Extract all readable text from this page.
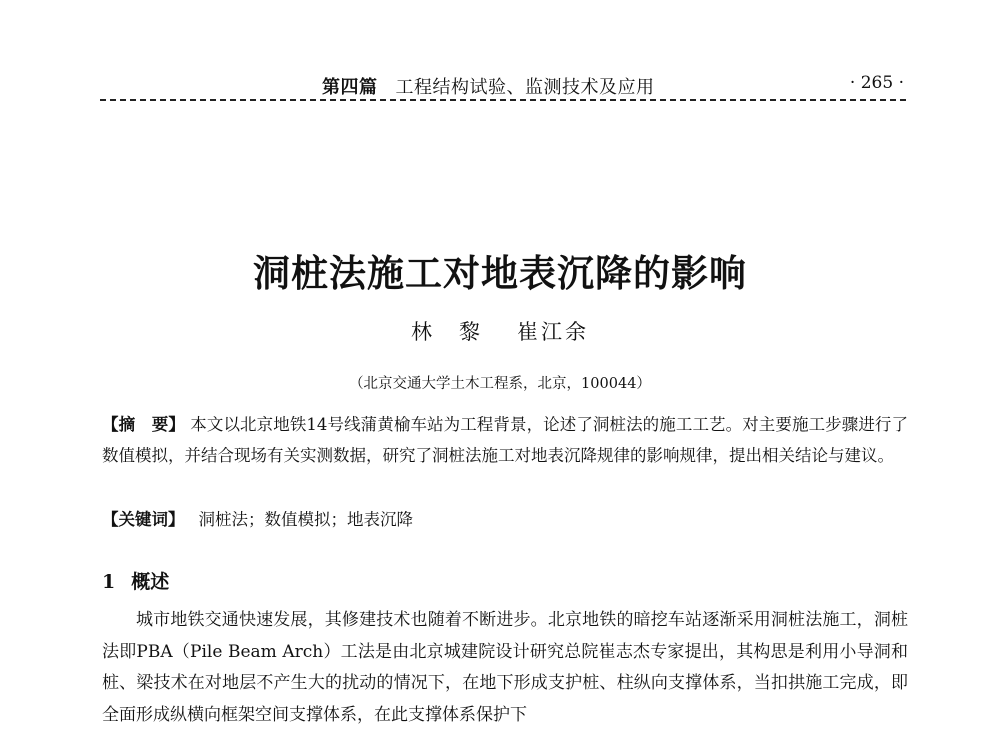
第四篇 工程结构试验、监测技术及应用	· 265 ·
洞桩法施工对地表沉降的影响
林　黎 崔江余
（北京交通大学土木工程系，北京，100044）
【摘　要】 本文以北京地铁14号线蒲黄榆车站为工程背景，论述了洞桩法的施工工艺。对主要施工步骤进行了数值模拟，并结合现场有关实测数据，研究了洞桩法施工对地表沉降规律的影响规律，提出相关结论与建议。
【关键词】 洞桩法；数值模拟；地表沉降
1 概述
城市地铁交通快速发展，其修建技术也随着不断进步。北京地铁的暗挖车站逐渐采用洞桩法施工，洞桩法即PBA（Pile Beam Arch）工法是由北京城建院设计研究总院崔志杰专家提出，其构思是利用小导洞和桩、梁技术在对地层不产生大的扰动的情况下，在地下形成支护桩、柱纵向支撑体系，当扣拱施工完成，即全面形成纵横向框架空间支撑体系，在此支撑体系保护下
